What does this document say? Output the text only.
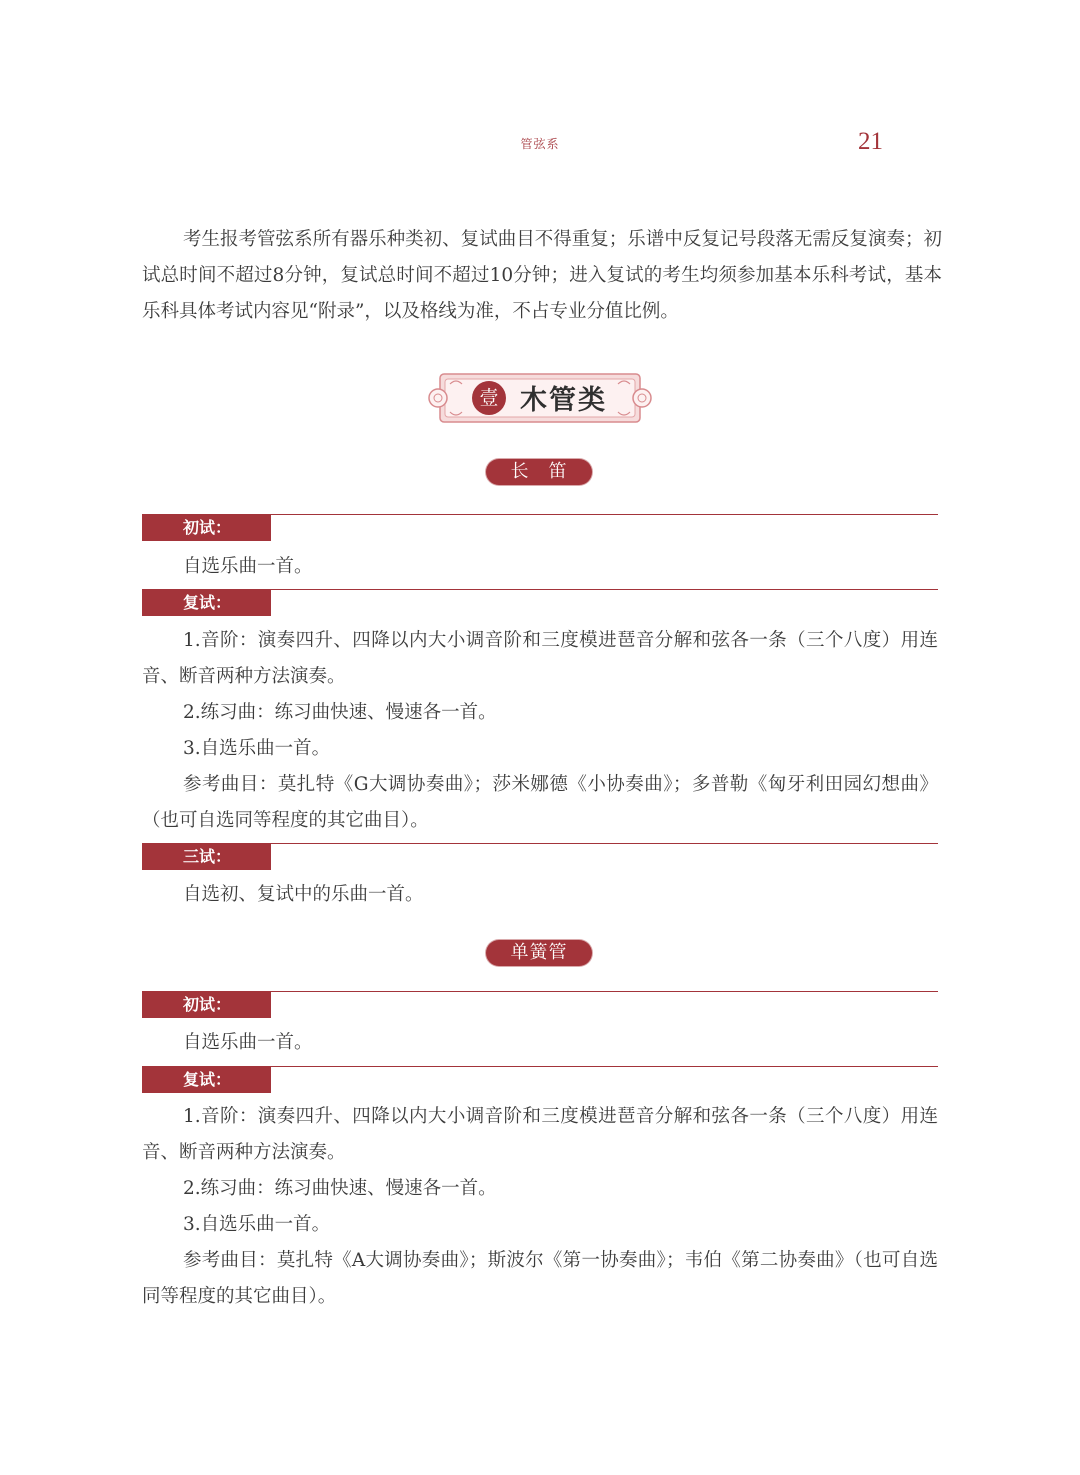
管弦系	21

考生报考管弦系所有器乐种类初、复试曲目不得重复；乐谱中反复记号段落无需反复演奏；初试总时间不超过8分钟，复试总时间不超过10分钟；进入复试的考生均须参加基本乐科考试，基本乐科具体考试内容见“附录”，以及格线为准，不占专业分值比例。

壹 木管类
长　笛
初试：

自选乐曲一首。

复试：

1.音阶：演奏四升、四降以内大小调音阶和三度模进琶音分解和弦各一条（三个八度）用连音、断音两种方法演奏。

2.练习曲：练习曲快速、慢速各一首。

3.自选乐曲一首。

参考曲目：莫扎特《G大调协奏曲》；莎米娜德《小协奏曲》；多普勒《匈牙利田园幻想曲》（也可自选同等程度的其它曲目）。

三试：

自选初、复试中的乐曲一首。

单簧管
初试：

自选乐曲一首。

复试：

1.音阶：演奏四升、四降以内大小调音阶和三度模进琶音分解和弦各一条（三个八度）用连音、断音两种方法演奏。

2.练习曲：练习曲快速、慢速各一首。

3.自选乐曲一首。

参考曲目：莫扎特《A大调协奏曲》；斯波尔《第一协奏曲》；韦伯《第二协奏曲》（也可自选同等程度的其它曲目）。
